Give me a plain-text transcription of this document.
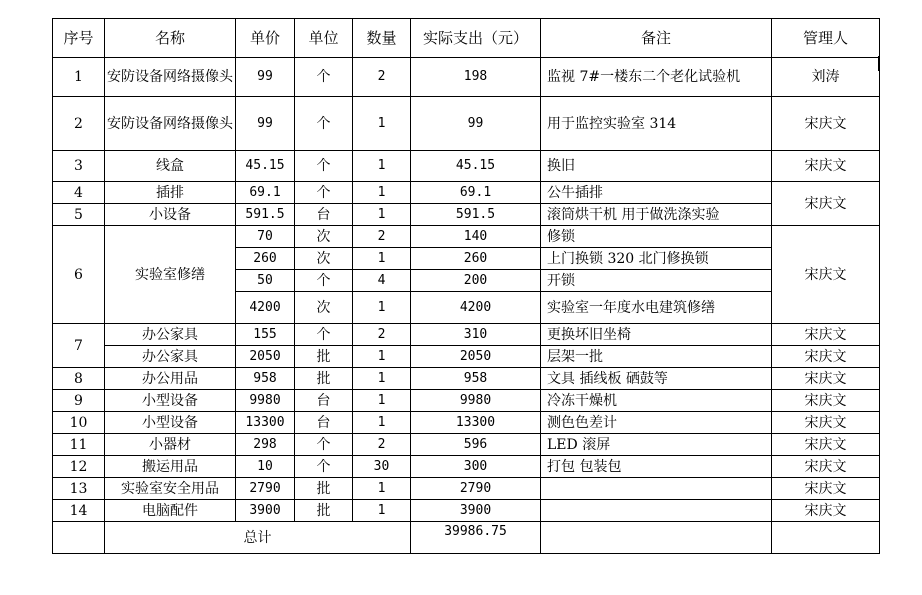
序号	名称	单价	单位	数量	实际支出（元）	备注	管理人
1	安防设备网络摄像头	99	个	2	198	监视 7#一楼东二个老化试验机	刘涛
2	安防设备网络摄像头	99	个	1	99	用于监控实验室 314	宋庆文
3	线盒	45.15	个	1	45.15	换旧	宋庆文
4	插排	69.1	个	1	69.1	公牛插排	宋庆文
5	小设备	591.5	台	1	591.5	滚筒烘干机 用于做洗涤实验	
6	实验室修缮	70	次	2	140	修锁	宋庆文
		260	次	1	260	上门换锁 320 北门修换锁	
		50	个	4	200	开锁	
		4200	次	1	4200	实验室一年度水电建筑修缮	
7	办公家具	155	个	2	310	更换坏旧坐椅	宋庆文
	办公家具	2050	批	1	2050	层架一批	宋庆文
8	办公用品	958	批	1	958	文具 插线板 硒鼓等	宋庆文
9	小型设备	9980	台	1	9980	冷冻干燥机	宋庆文
10	小型设备	13300	台	1	13300	测色色差计	宋庆文
11	小器材	298	个	2	596	LED 滚屏	宋庆文
12	搬运用品	10	个	30	300	打包 包装包	宋庆文
13	实验室安全用品	2790	批	1	2790		宋庆文
14	电脑配件	3900	批	1	3900		宋庆文
	总计				39986.75		
